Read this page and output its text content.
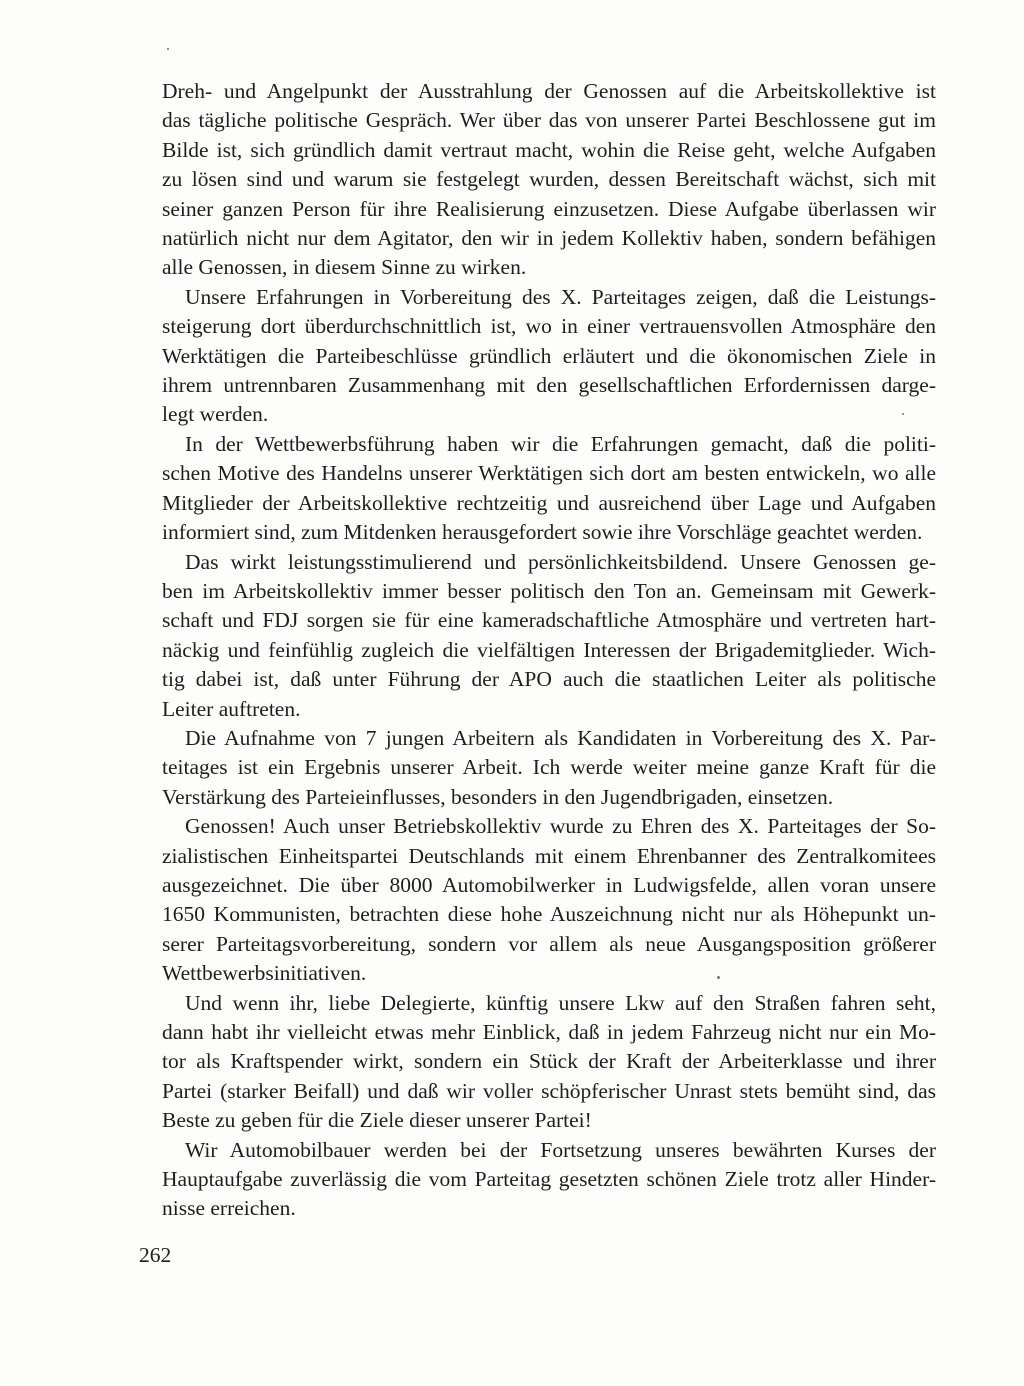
Dreh- und Angelpunkt der Ausstrahlung der Genossen auf die Arbeitskollektive ist
das tägliche politische Gespräch. Wer über das von unserer Partei Beschlossene gut im
Bilde ist, sich gründlich damit vertraut macht, wohin die Reise geht, welche Aufgaben
zu lösen sind und warum sie festgelegt wurden, dessen Bereitschaft wächst, sich mit
seiner ganzen Person für ihre Realisierung einzusetzen. Diese Aufgabe überlassen wir
natürlich nicht nur dem Agitator, den wir in jedem Kollektiv haben, sondern befähigen
alle Genossen, in diesem Sinne zu wirken.
Unsere Erfahrungen in Vorbereitung des X. Parteitages zeigen, daß die Leistungs-
steigerung dort überdurchschnittlich ist, wo in einer vertrauensvollen Atmosphäre den
Werktätigen die Parteibeschlüsse gründlich erläutert und die ökonomischen Ziele in
ihrem untrennbaren Zusammenhang mit den gesellschaftlichen Erfordernissen darge-
legt werden.
In der Wettbewerbsführung haben wir die Erfahrungen gemacht, daß die politi-
schen Motive des Handelns unserer Werktätigen sich dort am besten entwickeln, wo alle
Mitglieder der Arbeitskollektive rechtzeitig und ausreichend über Lage und Aufgaben
informiert sind, zum Mitdenken herausgefordert sowie ihre Vorschläge geachtet werden.
Das wirkt leistungsstimulierend und persönlichkeitsbildend. Unsere Genossen ge-
ben im Arbeitskollektiv immer besser politisch den Ton an. Gemeinsam mit Gewerk-
schaft und FDJ sorgen sie für eine kameradschaftliche Atmosphäre und vertreten hart-
näckig und feinfühlig zugleich die vielfältigen Interessen der Brigademitglieder. Wich-
tig dabei ist, daß unter Führung der APO auch die staatlichen Leiter als politische
Leiter auftreten.
Die Aufnahme von 7 jungen Arbeitern als Kandidaten in Vorbereitung des X. Par-
teitages ist ein Ergebnis unserer Arbeit. Ich werde weiter meine ganze Kraft für die
Verstärkung des Parteieinflusses, besonders in den Jugendbrigaden, einsetzen.
Genossen! Auch unser Betriebskollektiv wurde zu Ehren des X. Parteitages der So-
zialistischen Einheitspartei Deutschlands mit einem Ehrenbanner des Zentralkomitees
ausgezeichnet. Die über 8000 Automobilwerker in Ludwigsfelde, allen voran unsere
1650 Kommunisten, betrachten diese hohe Auszeichnung nicht nur als Höhepunkt un-
serer Parteitagsvorbereitung, sondern vor allem als neue Ausgangsposition größerer
Wettbewerbsinitiativen.
Und wenn ihr, liebe Delegierte, künftig unsere Lkw auf den Straßen fahren seht,
dann habt ihr vielleicht etwas mehr Einblick, daß in jedem Fahrzeug nicht nur ein Mo-
tor als Kraftspender wirkt, sondern ein Stück der Kraft der Arbeiterklasse und ihrer
Partei (starker Beifall) und daß wir voller schöpferischer Unrast stets bemüht sind, das
Beste zu geben für die Ziele dieser unserer Partei!
Wir Automobilbauer werden bei der Fortsetzung unseres bewährten Kurses der
Hauptaufgabe zuverlässig die vom Parteitag gesetzten schönen Ziele trotz aller Hinder-
nisse erreichen.
262
